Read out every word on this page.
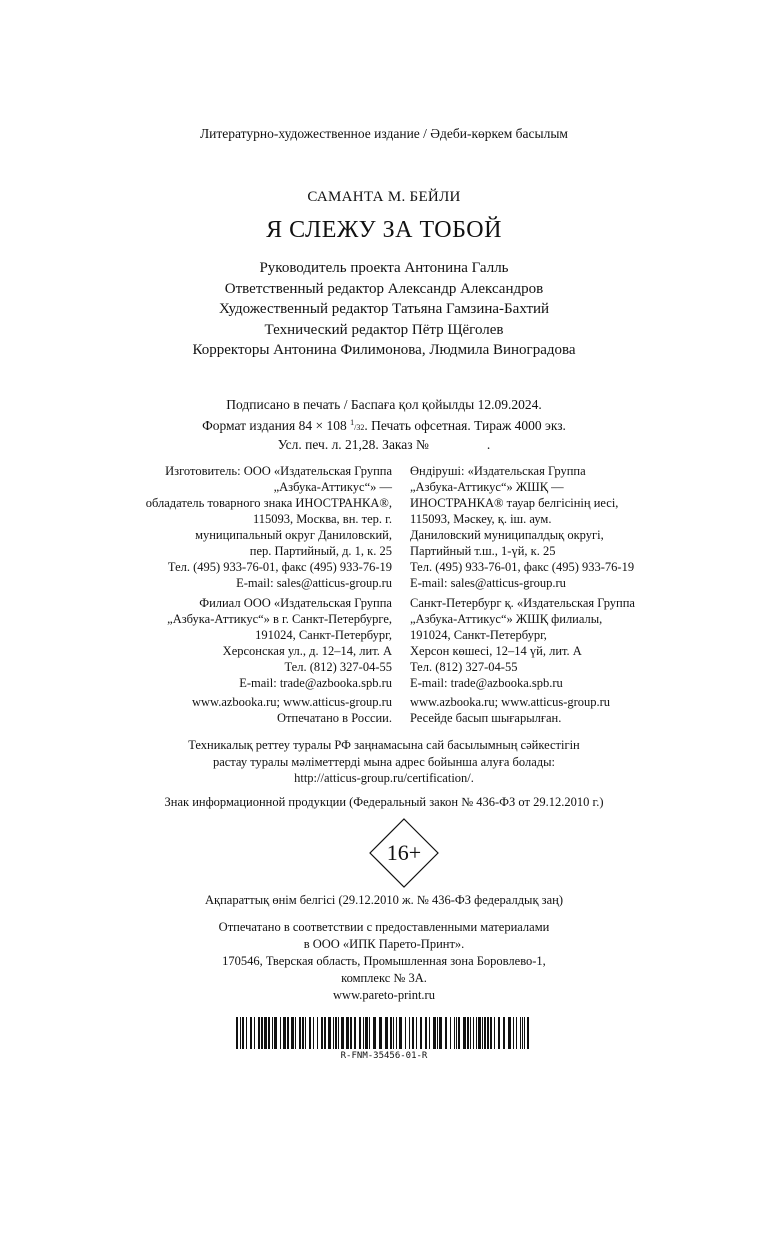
Литературно-художественное издание / Әдеби-көркем басылым
САМАНТА М. БЕЙЛИ
Я СЛЕЖУ ЗА ТОБОЙ
Руководитель проекта Антонина Галль
Ответственный редактор Александр Александров
Художественный редактор Татьяна Гамзина-Бахтий
Технический редактор Пётр Щёголев
Корректоры Антонина Филимонова, Людмила Виноградова
Подписано в печать / Баспаға қол қойылды 12.09.2024.
Формат издания 84 × 108 $^1$/32. Печать офсетная. Тираж 4000 экз.
Усл. печ. л. 21,28. Заказ №	.
Изготовитель: ООО «Издательская Группа
„Азбука-Аттикус“» —
обладатель товарного знака ИНОСТРАНКА®,
115093, Москва, вн. тер. г.
муниципальный округ Даниловский,
пер. Партийный, д. 1, к. 25
Тел. (495) 933-76-01, факс (495) 933-76-19
E-mail: sales@atticus-group.ru
Өндіруші: «Издательская Группа
„Азбука-Аттикус“» ЖШҚ —
ИНОСТРАНКА® тауар белгісінің иесі,
115093, Мәскеу, қ. іш. аум.
Даниловский муниципалдық округі,
Партийный т.ш., 1-үй, к. 25
Тел. (495) 933-76-01, факс (495) 933-76-19
E-mail: sales@atticus-group.ru
Филиал ООО «Издательская Группа
„Азбука-Аттикус“» в г. Санкт-Петербурге,
191024, Санкт-Петербург,
Херсонская ул., д. 12–14, лит. А
Тел. (812) 327-04-55
E-mail: trade@azbooka.spb.ru
Санкт-Петербург қ. «Издательская Группа
„Азбука-Аттикус“» ЖШҚ филиалы,
191024, Санкт-Петербург,
Херсон көшесі, 12–14 үй, лит. А
Тел. (812) 327-04-55
E-mail: trade@azbooka.spb.ru
www.azbooka.ru; www.atticus-group.ru
Отпечатано в России.
www.azbooka.ru; www.atticus-group.ru
Ресейде басып шығарылған.
Техникалық реттеу туралы РФ заңнамасына сай басылымның сәйкестігін
растау туралы мәліметтерді мына адрес бойынша алуға болады:
http://atticus-group.ru/certification/.
Знак информационной продукции (Федеральный закон № 436-ФЗ от 29.12.2010 г.)
16+
Ақпараттық өнім белгісі (29.12.2010 ж. № 436-ФЗ федералдық заң)
Отпечатано в соответствии с предоставленными материалами
в ООО «ИПК Парето-Принт».
170546, Тверская область, Промышленная зона Боровлево-1,
комплекс № 3А.
www.pareto-print.ru
R-FNM-35456-01-R
